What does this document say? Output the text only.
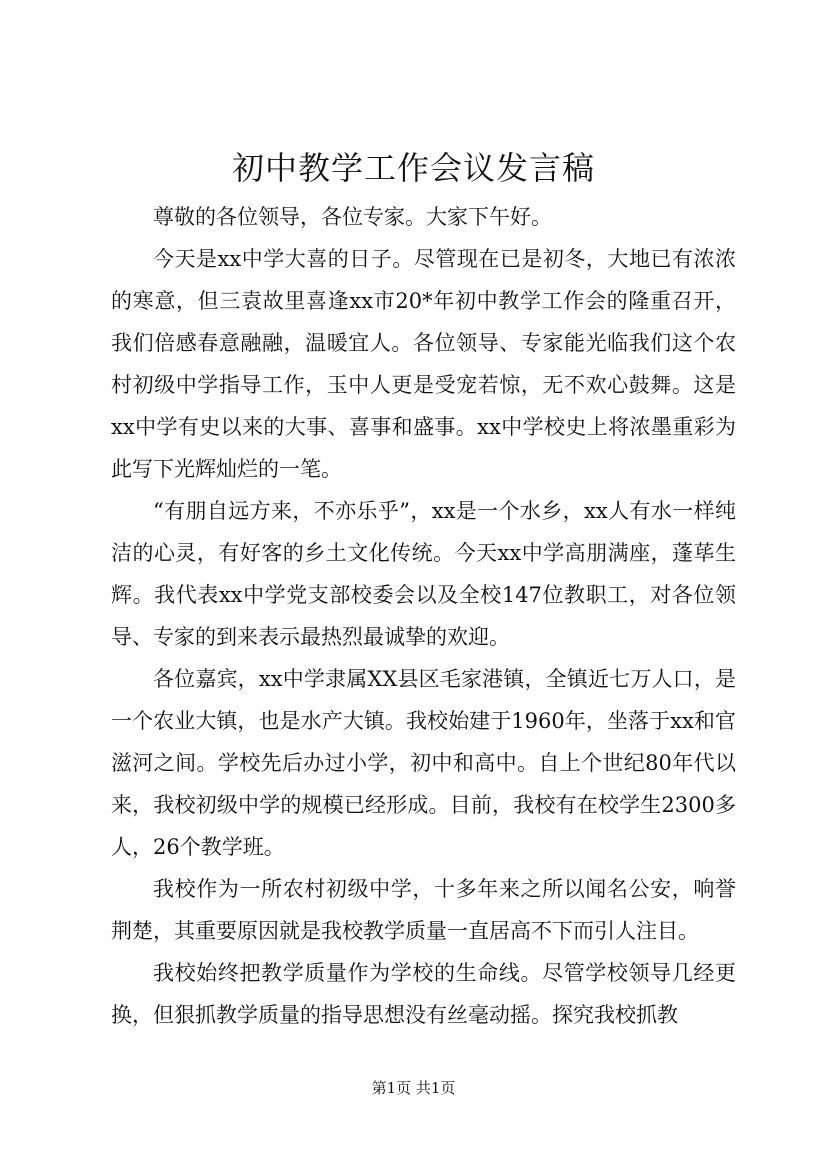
初中教学工作会议发言稿

尊敬的各位领导，各位专家。大家下午好。

今天是xx中学大喜的日子。尽管现在已是初冬，大地已有浓浓的寒意，但三袁故里喜逢xx市20*年初中教学工作会的隆重召开，我们倍感春意融融，温暖宜人。各位领导、专家能光临我们这个农村初级中学指导工作，玉中人更是受宠若惊，无不欢心鼓舞。这是xx中学有史以来的大事、喜事和盛事。xx中学校史上将浓墨重彩为此写下光辉灿烂的一笔。

“有朋自远方来，不亦乐乎”，xx是一个水乡，xx人有水一样纯洁的心灵，有好客的乡土文化传统。今天xx中学高朋满座，蓬荜生辉。我代表xx中学党支部校委会以及全校147位教职工，对各位领导、专家的到来表示最热烈最诚挚的欢迎。

各位嘉宾，xx中学隶属XX县区毛家港镇，全镇近七万人口，是一个农业大镇，也是水产大镇。我校始建于1960年，坐落于xx和官滋河之间。学校先后办过小学，初中和高中。自上个世纪80年代以来，我校初级中学的规模已经形成。目前，我校有在校学生2300多人，26个教学班。

我校作为一所农村初级中学，十多年来之所以闻名公安，响誉荆楚，其重要原因就是我校教学质量一直居高不下而引人注目。

我校始终把教学质量作为学校的生命线。尽管学校领导几经更换，但狠抓教学质量的指导思想没有丝毫动摇。探究我校抓教

第1页 共1页
